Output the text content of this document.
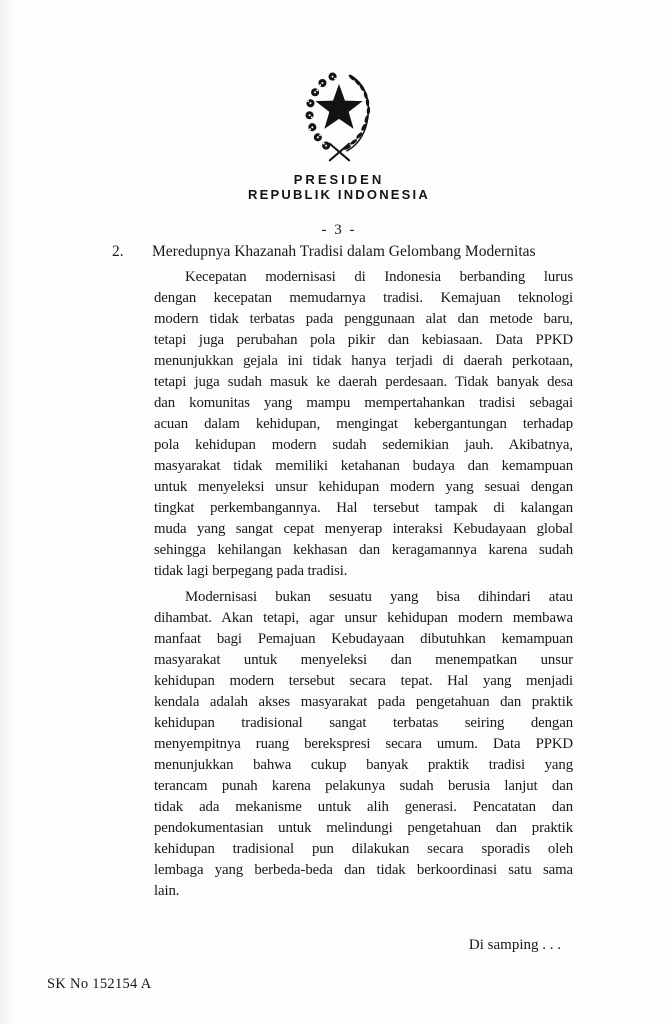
PRESIDEN
REPUBLIK INDONESIA
- 3 -
2. Meredupnya Khazanah Tradisi dalam Gelombang Modernitas
Kecepatan modernisasi di Indonesia berbanding lurus
dengan kecepatan memudarnya tradisi. Kemajuan teknologi
modern tidak terbatas pada penggunaan alat dan metode baru,
tetapi juga perubahan pola pikir dan kebiasaan. Data PPKD
menunjukkan gejala ini tidak hanya terjadi di daerah perkotaan,
tetapi juga sudah masuk ke daerah perdesaan. Tidak banyak desa
dan komunitas yang mampu mempertahankan tradisi sebagai
acuan dalam kehidupan, mengingat kebergantungan terhadap
pola kehidupan modern sudah sedemikian jauh. Akibatnya,
masyarakat tidak memiliki ketahanan budaya dan kemampuan
untuk menyeleksi unsur kehidupan modern yang sesuai dengan
tingkat perkembangannya. Hal tersebut tampak di kalangan
muda yang sangat cepat menyerap interaksi Kebudayaan global
sehingga kehilangan kekhasan dan keragamannya karena sudah
tidak lagi berpegang pada tradisi.
Modernisasi bukan sesuatu yang bisa dihindari atau
dihambat. Akan tetapi, agar unsur kehidupan modern membawa
manfaat bagi Pemajuan Kebudayaan dibutuhkan kemampuan
masyarakat untuk menyeleksi dan menempatkan unsur
kehidupan modern tersebut secara tepat. Hal yang menjadi
kendala adalah akses masyarakat pada pengetahuan dan praktik
kehidupan tradisional sangat terbatas seiring dengan
menyempitnya ruang berekspresi secara umum. Data PPKD
menunjukkan bahwa cukup banyak praktik tradisi yang
terancam punah karena pelakunya sudah berusia lanjut dan
tidak ada mekanisme untuk alih generasi. Pencatatan dan
pendokumentasian untuk melindungi pengetahuan dan praktik
kehidupan tradisional pun dilakukan secara sporadis oleh
lembaga yang berbeda-beda dan tidak berkoordinasi satu sama
lain.
Di samping . . .
SK No 152154 A
